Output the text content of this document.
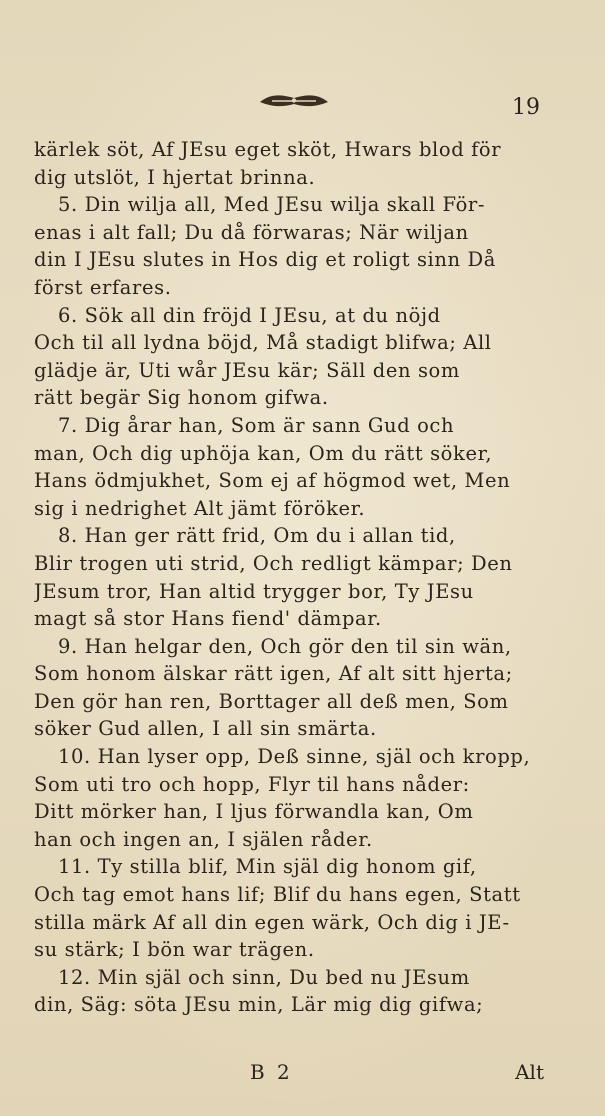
19
kärlek söt, Af JEsu eget sköt, Hwars blod för
dig utslöt, I hjertat brinna.
5. Din wilja all, Med JEsu wilja skall För-
enas i alt fall; Du då förwaras; När wiljan
din I JEsu slutes in Hos dig et roligt sinn Då
först erfares.
6. Sök all din fröjd I JEsu, at du nöjd
Och til all lydna böjd, Må stadigt blifwa; All
glädje är, Uti wår JEsu kär; Säll den som
rätt begär Sig honom gifwa.
7. Dig årar han, Som är sann Gud och
man, Och dig uphöja kan, Om du rätt söker,
Hans ödmjukhet, Som ej af högmod wet, Men
sig i nedrighet Alt jämt föröker.
8. Han ger rätt frid, Om du i allan tid,
Blir trogen uti strid, Och redligt kämpar; Den
JEsum tror, Han altid trygger bor, Ty JEsu
magt så stor Hans fiend' dämpar.
9. Han helgar den, Och gör den til sin wän,
Som honom älskar rätt igen, Af alt sitt hjerta;
Den gör han ren, Borttager all deß men, Som
söker Gud allen, I all sin smärta.
10. Han lyser opp, Deß sinne, själ och kropp,
Som uti tro och hopp, Flyr til hans nåder:
Ditt mörker han, I ljus förwandla kan, Om
han och ingen an, I själen råder.
11. Ty stilla blif, Min själ dig honom gif,
Och tag emot hans lif; Blif du hans egen, Statt
stilla märk Af all din egen wärk, Och dig i JE-
su stärk; I bön war trägen.
12. Min själ och sinn, Du bed nu JEsum
din, Säg: söta JEsu min, Lär mig dig gifwa;
B 2	Alt
